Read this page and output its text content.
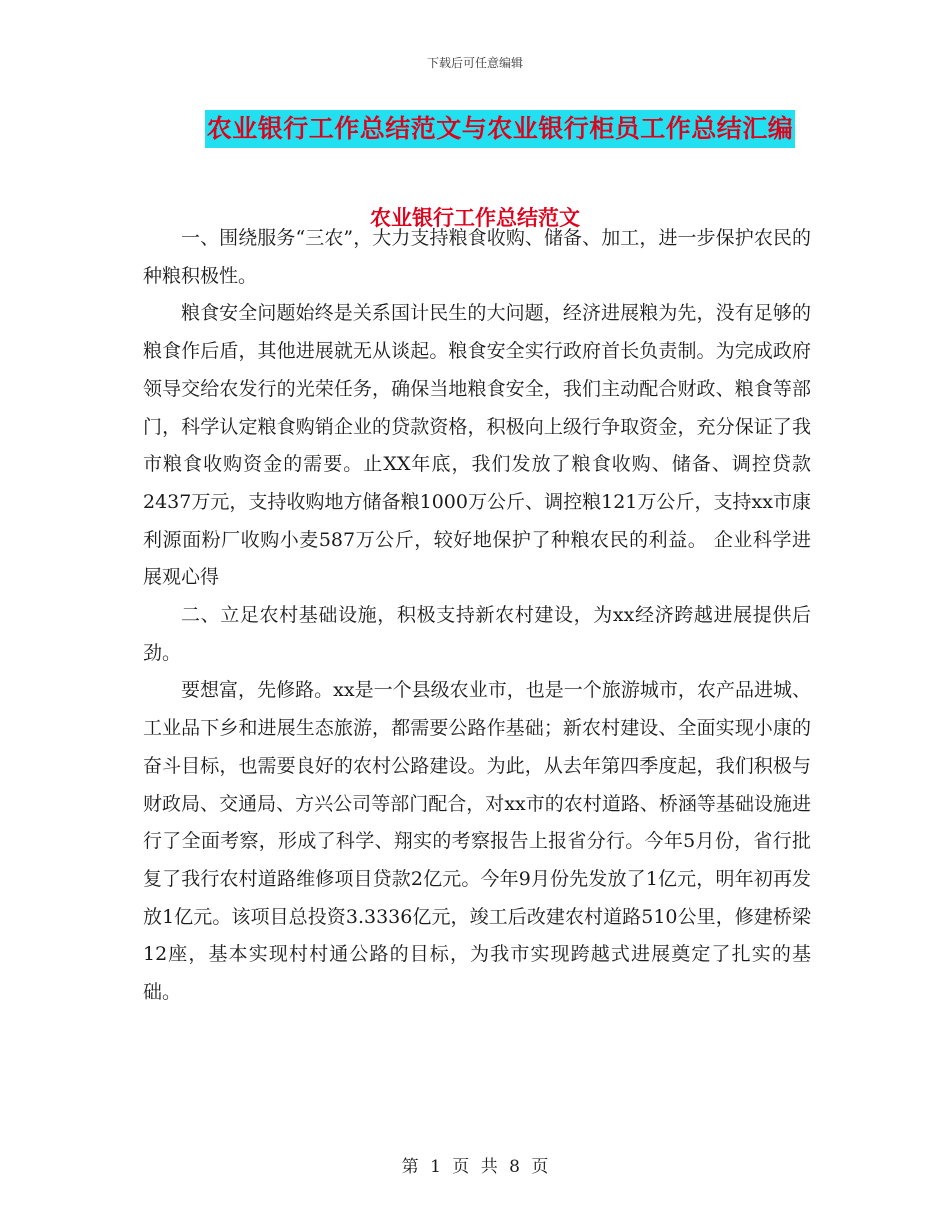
下载后可任意编辑
农业银行工作总结范文与农业银行柜员工作总结汇编
农业银行工作总结范文

一、围绕服务“三农”，大力支持粮食收购、储备、加工，进一步保护农民的种粮积极性。

粮食安全问题始终是关系国计民生的大问题，经济进展粮为先，没有足够的粮食作后盾，其他进展就无从谈起。粮食安全实行政府首长负责制。为完成政府领导交给农发行的光荣任务，确保当地粮食安全，我们主动配合财政、粮食等部门，科学认定粮食购销企业的贷款资格，积极向上级行争取资金，充分保证了我市粮食收购资金的需要。止XX年底，我们发放了粮食收购、储备、调控贷款2437万元，支持收购地方储备粮1000万公斤、调控粮121万公斤，支持xx市康利源面粉厂收购小麦587万公斤，较好地保护了种粮农民的利益。 企业科学进展观心得

二、立足农村基础设施，积极支持新农村建设，为xx经济跨越进展提供后劲。

要想富，先修路。xx是一个县级农业市，也是一个旅游城市，农产品进城、工业品下乡和进展生态旅游，都需要公路作基础；新农村建设、全面实现小康的奋斗目标，也需要良好的农村公路建设。为此，从去年第四季度起，我们积极与财政局、交通局、方兴公司等部门配合，对xx市的农村道路、桥涵等基础设施进行了全面考察，形成了科学、翔实的考察报告上报省分行。今年5月份，省行批复了我行农村道路维修项目贷款2亿元。今年9月份先发放了1亿元，明年初再发放1亿元。该项目总投资3.3336亿元，竣工后改建农村道路510公里，修建桥梁12座，基本实现村村通公路的目标，为我市实现跨越式进展奠定了扎实的基础。

第 1 页 共 8 页
